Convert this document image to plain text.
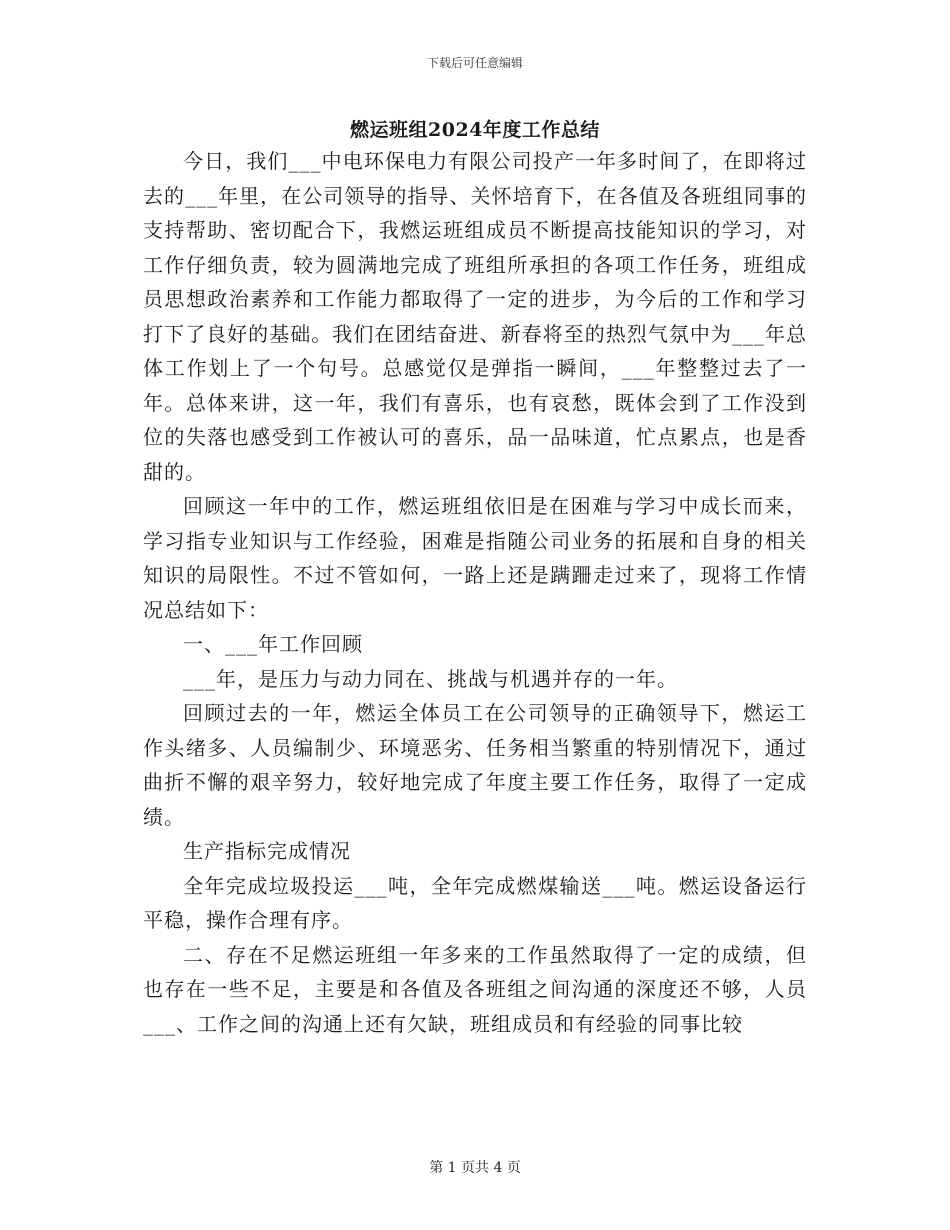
下载后可任意编辑
燃运班组2024年度工作总结

今日，我们___中电环保电力有限公司投产一年多时间了，在即将过去的___年里，在公司领导的指导、关怀培育下，在各值及各班组同事的支持帮助、密切配合下，我燃运班组成员不断提高技能知识的学习，对工作仔细负责，较为圆满地完成了班组所承担的各项工作任务，班组成员思想政治素养和工作能力都取得了一定的进步，为今后的工作和学习打下了良好的基础。我们在团结奋进、新春将至的热烈气氛中为___年总体工作划上了一个句号。总感觉仅是弹指一瞬间，___年整整过去了一年。总体来讲，这一年，我们有喜乐，也有哀愁，既体会到了工作没到位的失落也感受到工作被认可的喜乐，品一品味道，忙点累点，也是香甜的。

回顾这一年中的工作，燃运班组依旧是在困难与学习中成长而来，学习指专业知识与工作经验，困难是指随公司业务的拓展和自身的相关知识的局限性。不过不管如何，一路上还是蹒跚走过来了，现将工作情况总结如下：

一、___年工作回顾

___年，是压力与动力同在、挑战与机遇并存的一年。

回顾过去的一年，燃运全体员工在公司领导的正确领导下，燃运工作头绪多、人员编制少、环境恶劣、任务相当繁重的特别情况下，通过曲折不懈的艰辛努力，较好地完成了年度主要工作任务，取得了一定成绩。

生产指标完成情况

全年完成垃圾投运___吨，全年完成燃煤输送___吨。燃运设备运行平稳，操作合理有序。

二、存在不足燃运班组一年多来的工作虽然取得了一定的成绩，但也存在一些不足，主要是和各值及各班组之间沟通的深度还不够，人员___、工作之间的沟通上还有欠缺，班组成员和有经验的同事比较

第 1 页共 4 页
